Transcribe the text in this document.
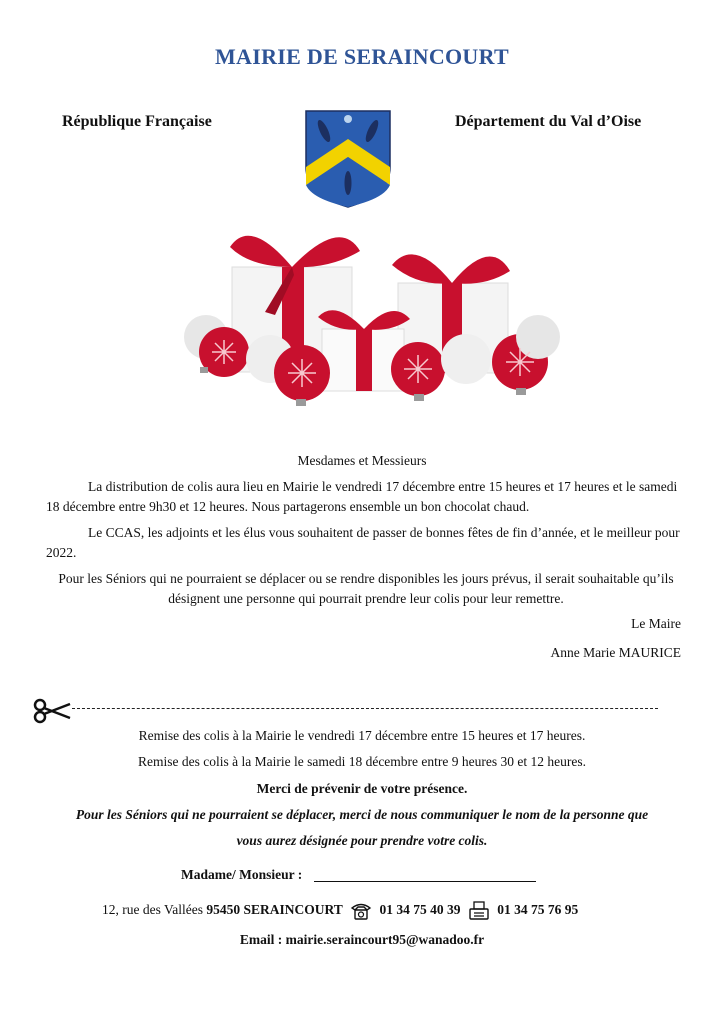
MAIRIE DE SERAINCOURT
République Française	Département du Val d’Oise
Mesdames et Messieurs
La distribution de colis aura lieu en Mairie le vendredi 17 décembre entre 15 heures et 17 heures et le samedi 18 décembre entre 9h30 et 12 heures. Nous partagerons ensemble un bon chocolat chaud.
Le CCAS, les adjoints et les élus vous souhaitent de passer de bonnes fêtes de fin d’année, et le meilleur pour 2022.
Pour les Séniors qui ne pourraient se déplacer ou se rendre disponibles les jours prévus, il serait souhaitable qu’ils désignent une personne qui pourrait prendre leur colis pour leur remettre.
Le Maire
Anne Marie MAURICE
Remise des colis à la Mairie le vendredi 17 décembre entre 15 heures et 17 heures.
Remise des colis à la Mairie le samedi 18 décembre entre 9 heures 30 et 12 heures.
Merci de prévenir de votre présence.
Pour les Séniors qui ne pourraient se déplacer, merci de nous communiquer le nom de la personne que
vous aurez désignée pour prendre votre colis.
Madame/ Monsieur :
12, rue des Vallées 95450 SERAINCOURT	01 34 75 40 39	01 34 75 76 95
Email : mairie.seraincourt95@wanadoo.fr
